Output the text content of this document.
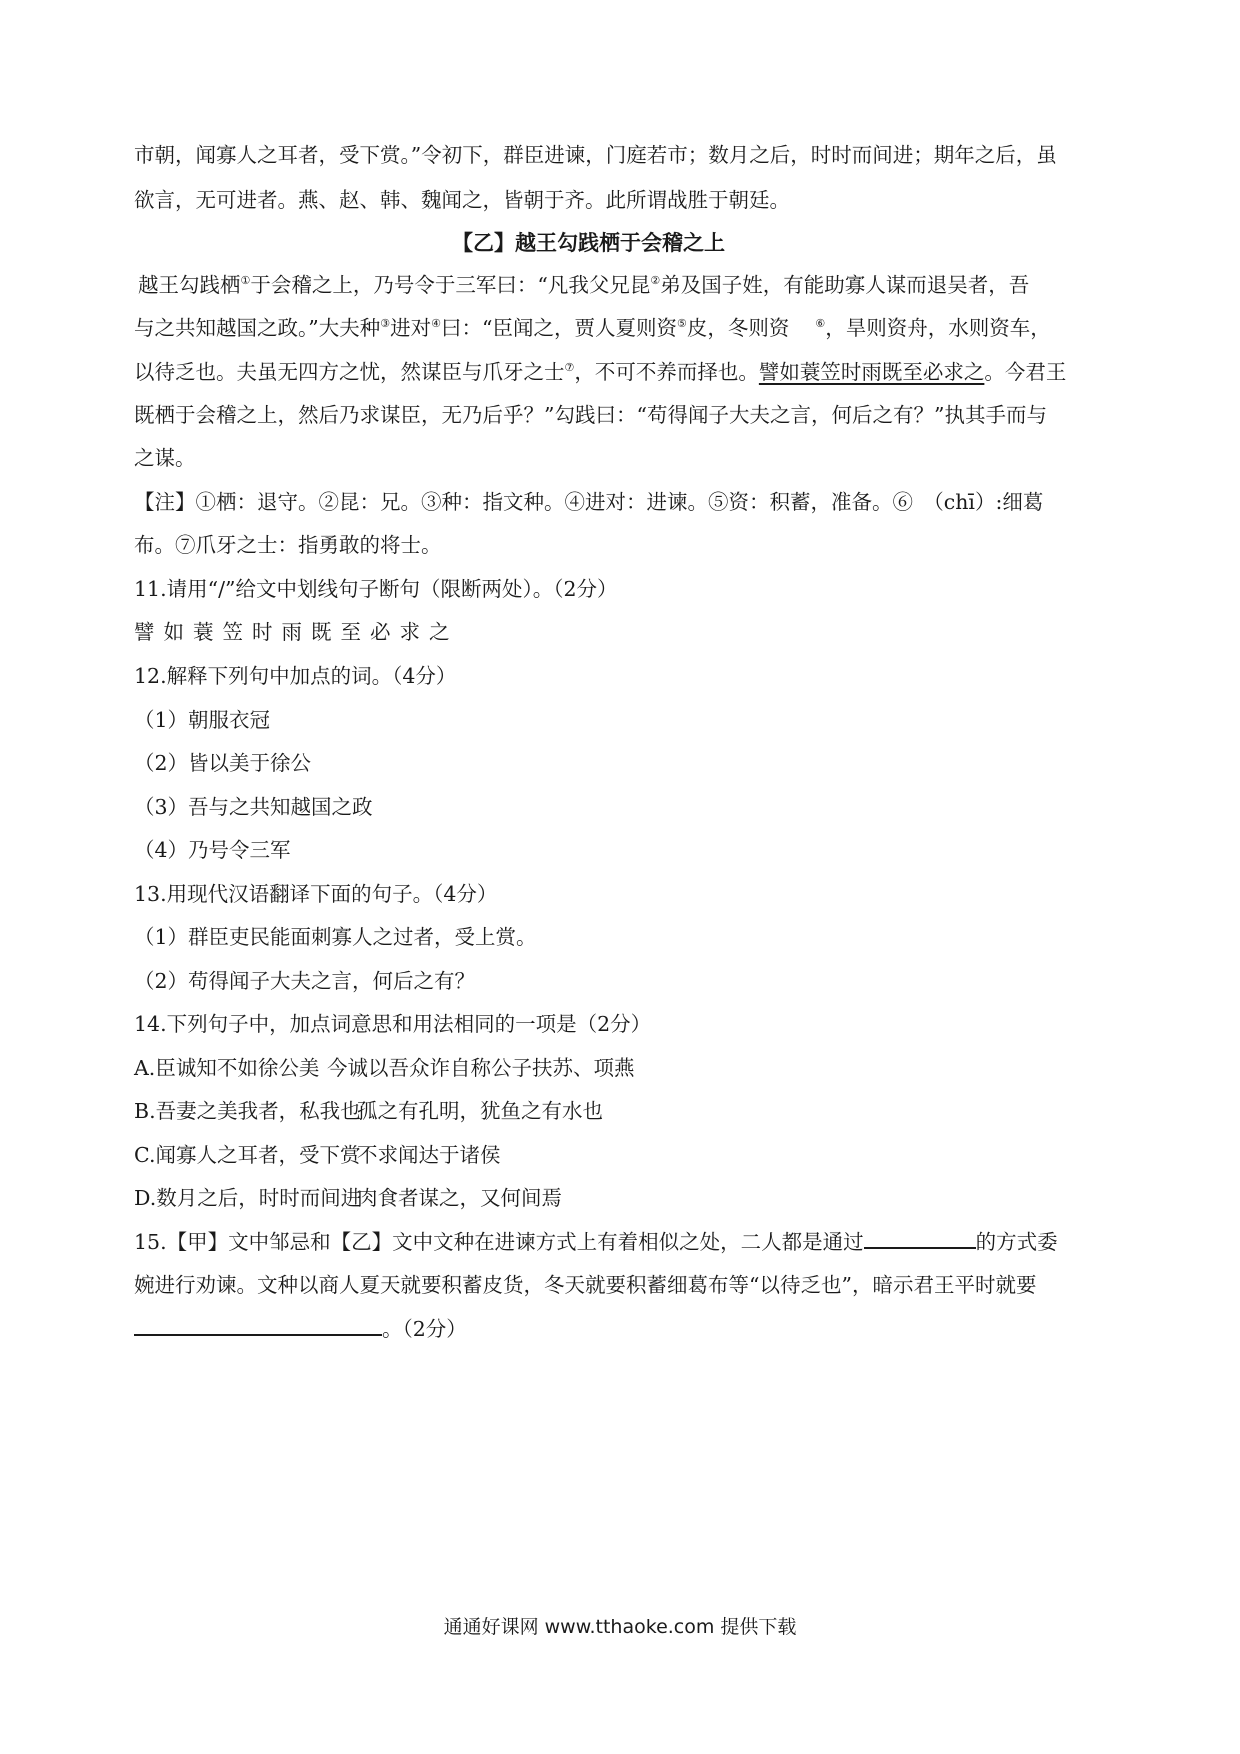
市朝，闻寡人之耳者，受下赏。”令初下，群臣进谏，门庭若市；数月之后，时时而间进；期年之后，虽
欲言，无可进者。燕、赵、韩、魏闻之，皆朝于齐。此所谓战胜于朝廷。
【乙】越王勾践栖于会稽之上
越王勾践栖①于会稽之上，乃号令于三军曰：“凡我父兄昆②弟及国子姓，有能助寡人谋而退吴者，吾
与之共知越国之政。”大夫种③进对④曰：“臣闻之，贾人夏则资⑤皮，冬则资 ⑥，旱则资舟，水则资车，
以待乏也。夫虽无四方之忧，然谋臣与爪牙之士⑦，不可不养而择也。譬如蓑笠时雨既至必求之。今君王
既栖于会稽之上，然后乃求谋臣，无乃后乎？”勾践曰：“苟得闻子大夫之言，何后之有？”执其手而与
之谋。
【注】①栖：退守。②昆：兄。③种：指文种。④进对：进谏。⑤资：积蓄，准备。⑥　（chī）:细葛
布。⑦爪牙之士：指勇敢的将士。
11.请用“/”给文中划线句子断句（限断两处）。（2分）
譬如蓑笠时雨既至必求之
12.解释下列句中加点的词。（4分）
（1）朝服衣冠
（2）皆以美于徐公
（3）吾与之共知越国之政
（4）乃号令三军
13.用现代汉语翻译下面的句子。（4分）
（1）群臣吏民能面刺寡人之过者，受上赏。
（2）苟得闻子大夫之言，何后之有？
14.下列句子中，加点词意思和用法相同的一项是（2分）
A.臣诚知不如徐公美 今诚以吾众诈自称公子扶苏、项燕
B.吾妻之美我者，私我也孤之有孔明，犹鱼之有水也
C.闻寡人之耳者，受下赏不求闻达于诸侯
D.数月之后，时时而间进肉食者谋之，又何间焉
15.【甲】文中邹忌和【乙】文中文种在进谏方式上有着相似之处，二人都是通过	的方式委
婉进行劝谏。文种以商人夏天就要积蓄皮货，冬天就要积蓄细葛布等“以待乏也”，暗示君王平时就要
。（2分）
通通好课网 www.tthaoke.com 提供下载
